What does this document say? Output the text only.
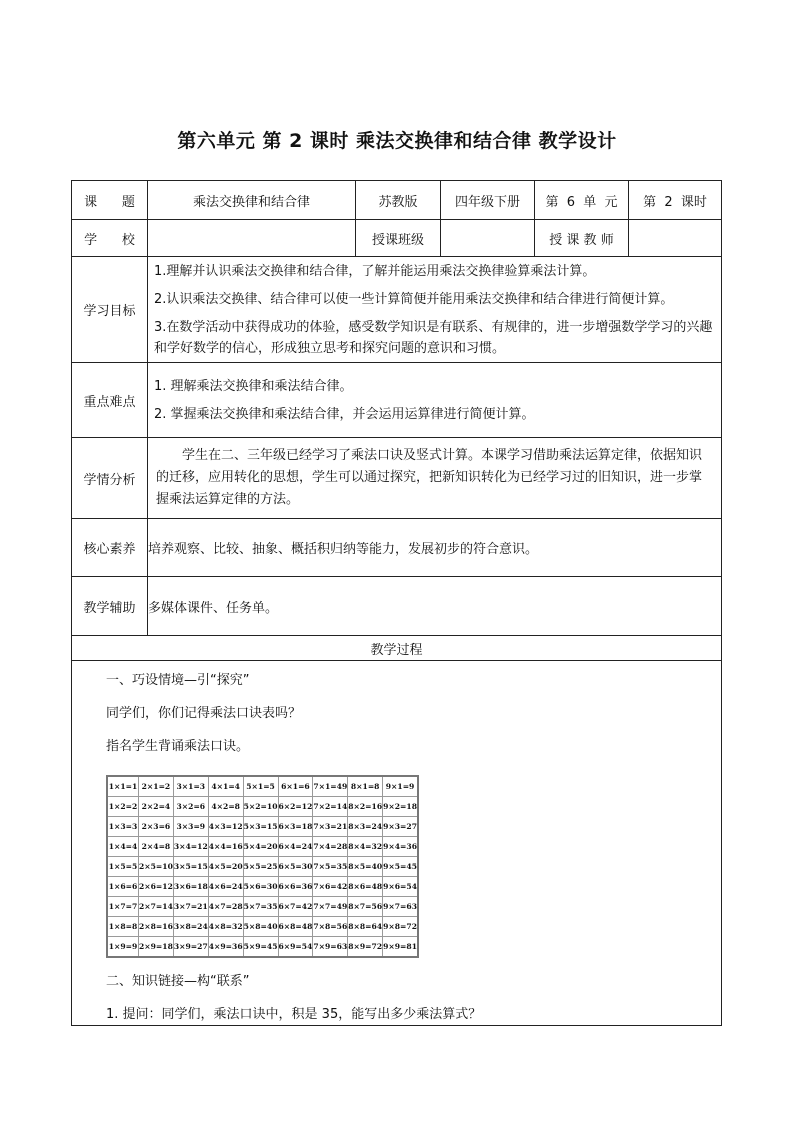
第六单元 第 2 课时 乘法交换律和结合律 教学设计
课      题	乘法交换律和结合律	苏教版	四年级下册	第  6  单  元	第  2  课时
学      校		授课班级		授 课 教 师	
学习目标	

1.理解并认识乘法交换律和结合律，了解并能运用乘法交换律验算乘法计算。

2.认识乘法交换律、结合律可以使一些计算简便并能用乘法交换律和结合律进行简便计算。

3.在数学活动中获得成功的体验，感受数学知识是有联系、有规律的，进一步增强数学学习的兴趣和学好数学的信心，形成独立思考和探究问题的意识和习惯。

重点难点	

1. 理解乘法交换律和乘法结合律。

2. 掌握乘法交换律和乘法结合律，并会运用运算律进行简便计算。

学情分析	

学生在二、三年级已经学习了乘法口诀及竖式计算。本课学习借助乘法运算定律，依据知识的迁移，应用转化的思想，学生可以通过探究，把新知识转化为已经学习过的旧知识，进一步掌握乘法运算定律的方法。

核心素养	培养观察、比较、抽象、概括积归纳等能力，发展初步的符合意识。
教学辅助	多媒体课件、任务单。
教学过程

一、巧设情境—引“探究”

同学们，你们记得乘法口诀表吗？

指名学生背诵乘法口诀。

1×1=1	2×1=2	3×1=3	4×1=4	5×1=5	6×1=6	7×1=49	8×1=8	9×1=9
1×2=2	2×2=4	3×2=6	4×2=8	5×2=10	6×2=12	7×2=14	8×2=16	9×2=18
1×3=3	2×3=6	3×3=9	4×3=12	5×3=15	6×3=18	7×3=21	8×3=24	9×3=27
1×4=4	2×4=8	3×4=12	4×4=16	5×4=20	6×4=24	7×4=28	8×4=32	9×4=36
1×5=5	2×5=10	3×5=15	4×5=20	5×5=25	6×5=30	7×5=35	8×5=40	9×5=45
1×6=6	2×6=12	3×6=18	4×6=24	5×6=30	6×6=36	7×6=42	8×6=48	9×6=54
1×7=7	2×7=14	3×7=21	4×7=28	5×7=35	6×7=42	7×7=49	8×7=56	9×7=63
1×8=8	2×8=16	3×8=24	4×8=32	5×8=40	6×8=48	7×8=56	8×8=64	9×8=72
1×9=9	2×9=18	3×9=27	4×9=36	5×9=45	6×9=54	7×9=63	8×9=72	9×9=81

二、知识链接—构“联系”

1. 提问：同学们，乘法口诀中，积是 35，能写出多少乘法算式？
